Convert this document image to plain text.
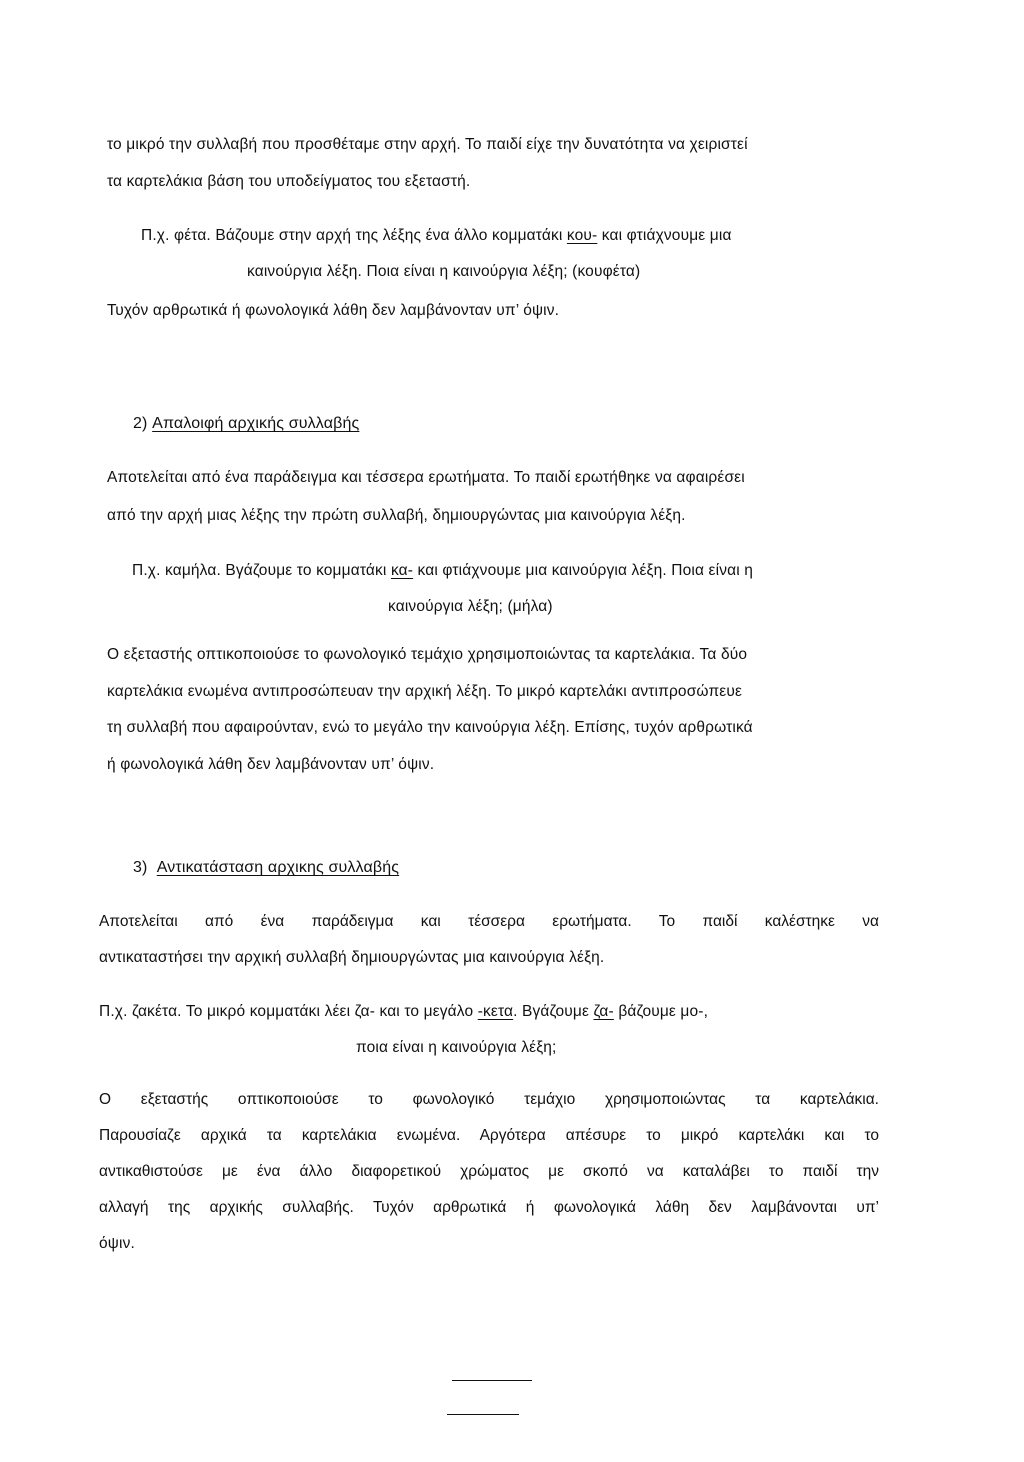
το μικρό την συλλαβή που προσθέταμε στην αρχή. Το παιδί είχε την δυνατότητα να χειριστεί
τα καρτελάκια βάση του υποδείγματος του εξεταστή.
Π.χ. φέτα. Βάζουμε στην αρχή της λέξης ένα άλλο κομματάκι κου- και φτιάχνουμε μια
καινούργια λέξη. Ποια είναι η καινούργια λέξη; (κουφέτα)
Τυχόν αρθρωτικά ή φωνολογικά λάθη δεν λαμβάνονταν υπ’ όψιν.
2) Απαλοιφή αρχικής συλλαβής
Αποτελείται από ένα παράδειγμα και τέσσερα ερωτήματα. Το παιδί ερωτήθηκε να αφαιρέσει
από την αρχή μιας λέξης την πρώτη συλλαβή, δημιουργώντας μια καινούργια λέξη.
Π.χ. καμήλα. Βγάζουμε το κομματάκι κα- και φτιάχνουμε μια καινούργια λέξη. Ποια είναι η
καινούργια λέξη; (μήλα)
Ο εξεταστής οπτικοποιούσε το φωνολογικό τεμάχιο χρησιμοποιώντας τα καρτελάκια. Τα δύο
καρτελάκια ενωμένα αντιπροσώπευαν την αρχική λέξη. Το μικρό καρτελάκι αντιπροσώπευε
τη συλλαβή που αφαιρούνταν, ενώ το μεγάλο την καινούργια λέξη. Επίσης, τυχόν αρθρωτικά
ή φωνολογικά λάθη δεν λαμβάνονταν υπ’ όψιν.
3) Αντικατάσταση αρχικης συλλαβής
Αποτελείται από ένα παράδειγμα και τέσσερα ερωτήματα. Το παιδί καλέστηκε να
αντικαταστήσει την αρχική συλλαβή δημιουργώντας μια καινούργια λέξη.
Π.χ. ζακέτα. Το μικρό κομματάκι λέει ζα- και το μεγάλο -κετα. Βγάζουμε ζα- βάζουμε μο-,
ποια είναι η καινούργια λέξη;
Ο εξεταστής οπτικοποιούσε το φωνολογικό τεμάχιο χρησιμοποιώντας τα καρτελάκια.
Παρουσίαζε αρχικά τα καρτελάκια ενωμένα. Αργότερα απέσυρε το μικρό καρτελάκι και το
αντικαθιστούσε με ένα άλλο διαφορετικού χρώματος με σκοπό να καταλάβει το παιδί την
αλλαγή της αρχικής συλλαβής. Τυχόν αρθρωτικά ή φωνολογικά λάθη δεν λαμβάνονται υπ’
όψιν.
